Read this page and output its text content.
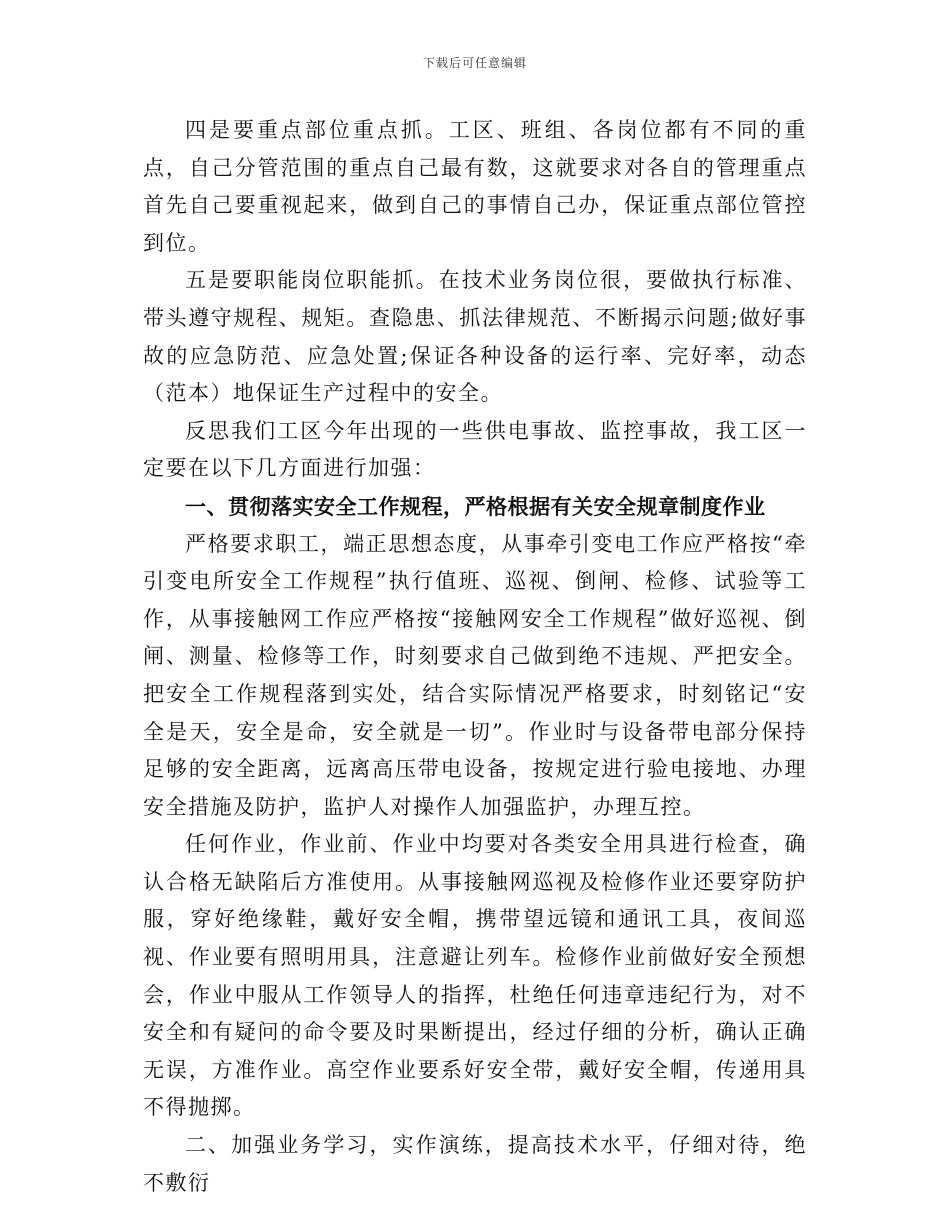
下载后可任意编辑

四是要重点部位重点抓。工区、班组、各岗位都有不同的重点，自己分管范围的重点自己最有数，这就要求对各自的管理重点首先自己要重视起来，做到自己的事情自己办，保证重点部位管控到位。

五是要职能岗位职能抓。在技术业务岗位很，要做执行标准、带头遵守规程、规矩。查隐患、抓法律规范、不断揭示问题;做好事故的应急防范、应急处置;保证各种设备的运行率、完好率，动态（范本）地保证生产过程中的安全。

反思我们工区今年出现的一些供电事故、监控事故，我工区一定要在以下几方面进行加强：

一、贯彻落实安全工作规程，严格根据有关安全规章制度作业

严格要求职工，端正思想态度，从事牵引变电工作应严格按“牵引变电所安全工作规程”执行值班、巡视、倒闸、检修、试验等工作，从事接触网工作应严格按“接触网安全工作规程”做好巡视、倒闸、测量、检修等工作，时刻要求自己做到绝不违规、严把安全。把安全工作规程落到实处，结合实际情况严格要求，时刻铭记“安全是天，安全是命，安全就是一切”。作业时与设备带电部分保持足够的安全距离，远离高压带电设备，按规定进行验电接地、办理安全措施及防护，监护人对操作人加强监护，办理互控。

任何作业，作业前、作业中均要对各类安全用具进行检查，确认合格无缺陷后方准使用。从事接触网巡视及检修作业还要穿防护服，穿好绝缘鞋，戴好安全帽，携带望远镜和通讯工具，夜间巡视、作业要有照明用具，注意避让列车。检修作业前做好安全预想会，作业中服从工作领导人的指挥，杜绝任何违章违纪行为，对不安全和有疑问的命令要及时果断提出，经过仔细的分析，确认正确无误，方准作业。高空作业要系好安全带，戴好安全帽，传递用具不得抛掷。

二、加强业务学习，实作演练，提高技术水平，仔细对待，绝不敷衍
